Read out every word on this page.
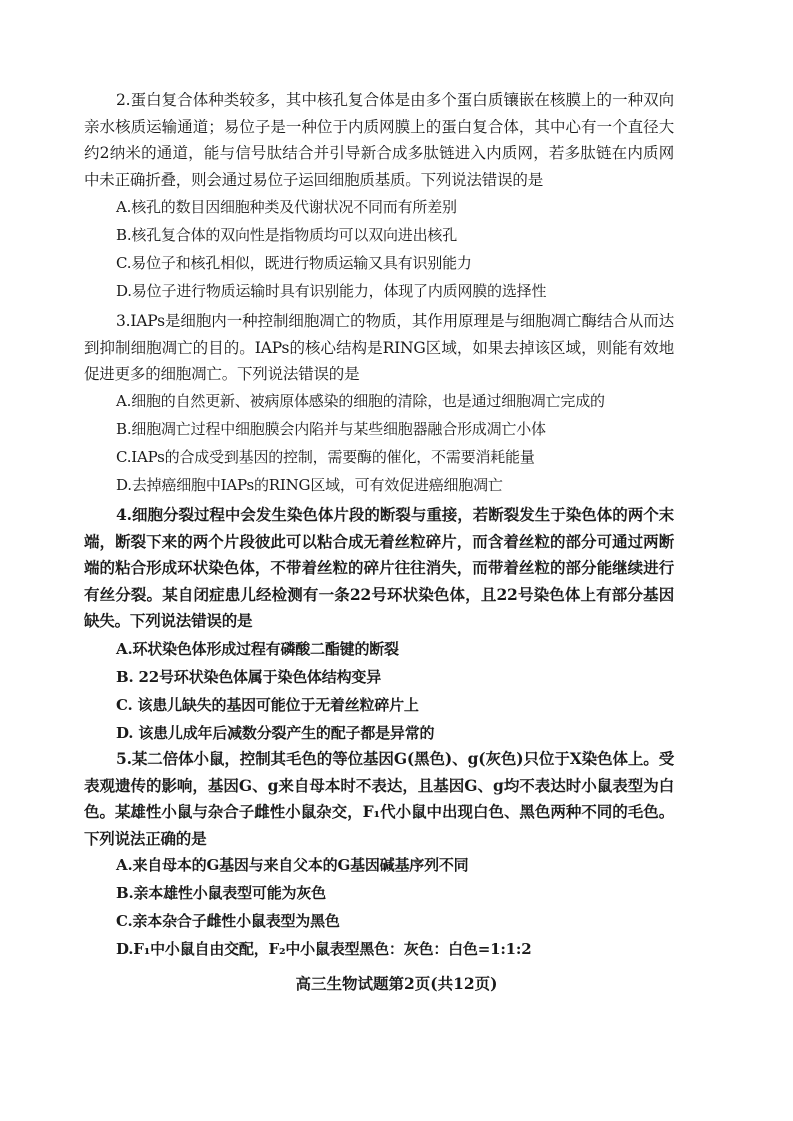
2.蛋白复合体种类较多，其中核孔复合体是由多个蛋白质镶嵌在核膜上的一种双向亲水核质运输通道；易位子是一种位于内质网膜上的蛋白复合体，其中心有一个直径大约2纳米的通道，能与信号肽结合并引导新合成多肽链进入内质网，若多肽链在内质网中未正确折叠，则会通过易位子运回细胞质基质。下列说法错误的是

A.核孔的数目因细胞种类及代谢状况不同而有所差别

B.核孔复合体的双向性是指物质均可以双向进出核孔

C.易位子和核孔相似，既进行物质运输又具有识别能力

D.易位子进行物质运输时具有识别能力，体现了内质网膜的选择性

3.IAPs是细胞内一种控制细胞凋亡的物质，其作用原理是与细胞凋亡酶结合从而达到抑制细胞凋亡的目的。IAPs的核心结构是RING区域，如果去掉该区域，则能有效地促进更多的细胞凋亡。下列说法错误的是

A.细胞的自然更新、被病原体感染的细胞的清除，也是通过细胞凋亡完成的

B.细胞凋亡过程中细胞膜会内陷并与某些细胞器融合形成凋亡小体

C.IAPs的合成受到基因的控制，需要酶的催化，不需要消耗能量

D.去掉癌细胞中IAPs的RING区域，可有效促进癌细胞凋亡

4.细胞分裂过程中会发生染色体片段的断裂与重接，若断裂发生于染色体的两个末端，断裂下来的两个片段彼此可以粘合成无着丝粒碎片，而含着丝粒的部分可通过两断端的粘合形成环状染色体，不带着丝粒的碎片往往消失，而带着丝粒的部分能继续进行有丝分裂。某自闭症患儿经检测有一条22号环状染色体，且22号染色体上有部分基因缺失。下列说法错误的是

A.环状染色体形成过程有磷酸二酯键的断裂

B. 22号环状染色体属于染色体结构变异

C. 该患儿缺失的基因可能位于无着丝粒碎片上

D. 该患儿成年后减数分裂产生的配子都是异常的

5.某二倍体小鼠，控制其毛色的等位基因G(黑色)、g(灰色)只位于X染色体上。受表观遗传的影响，基因G、g来自母本时不表达，且基因G、g均不表达时小鼠表型为白色。某雄性小鼠与杂合子雌性小鼠杂交，F₁代小鼠中出现白色、黑色两种不同的毛色。下列说法正确的是

A.来自母本的G基因与来自父本的G基因碱基序列不同

B.亲本雄性小鼠表型可能为灰色

C.亲本杂合子雌性小鼠表型为黑色

D.F₁中小鼠自由交配，F₂中小鼠表型黑色：灰色：白色=1:1:2

高三生物试题第2页(共12页)
